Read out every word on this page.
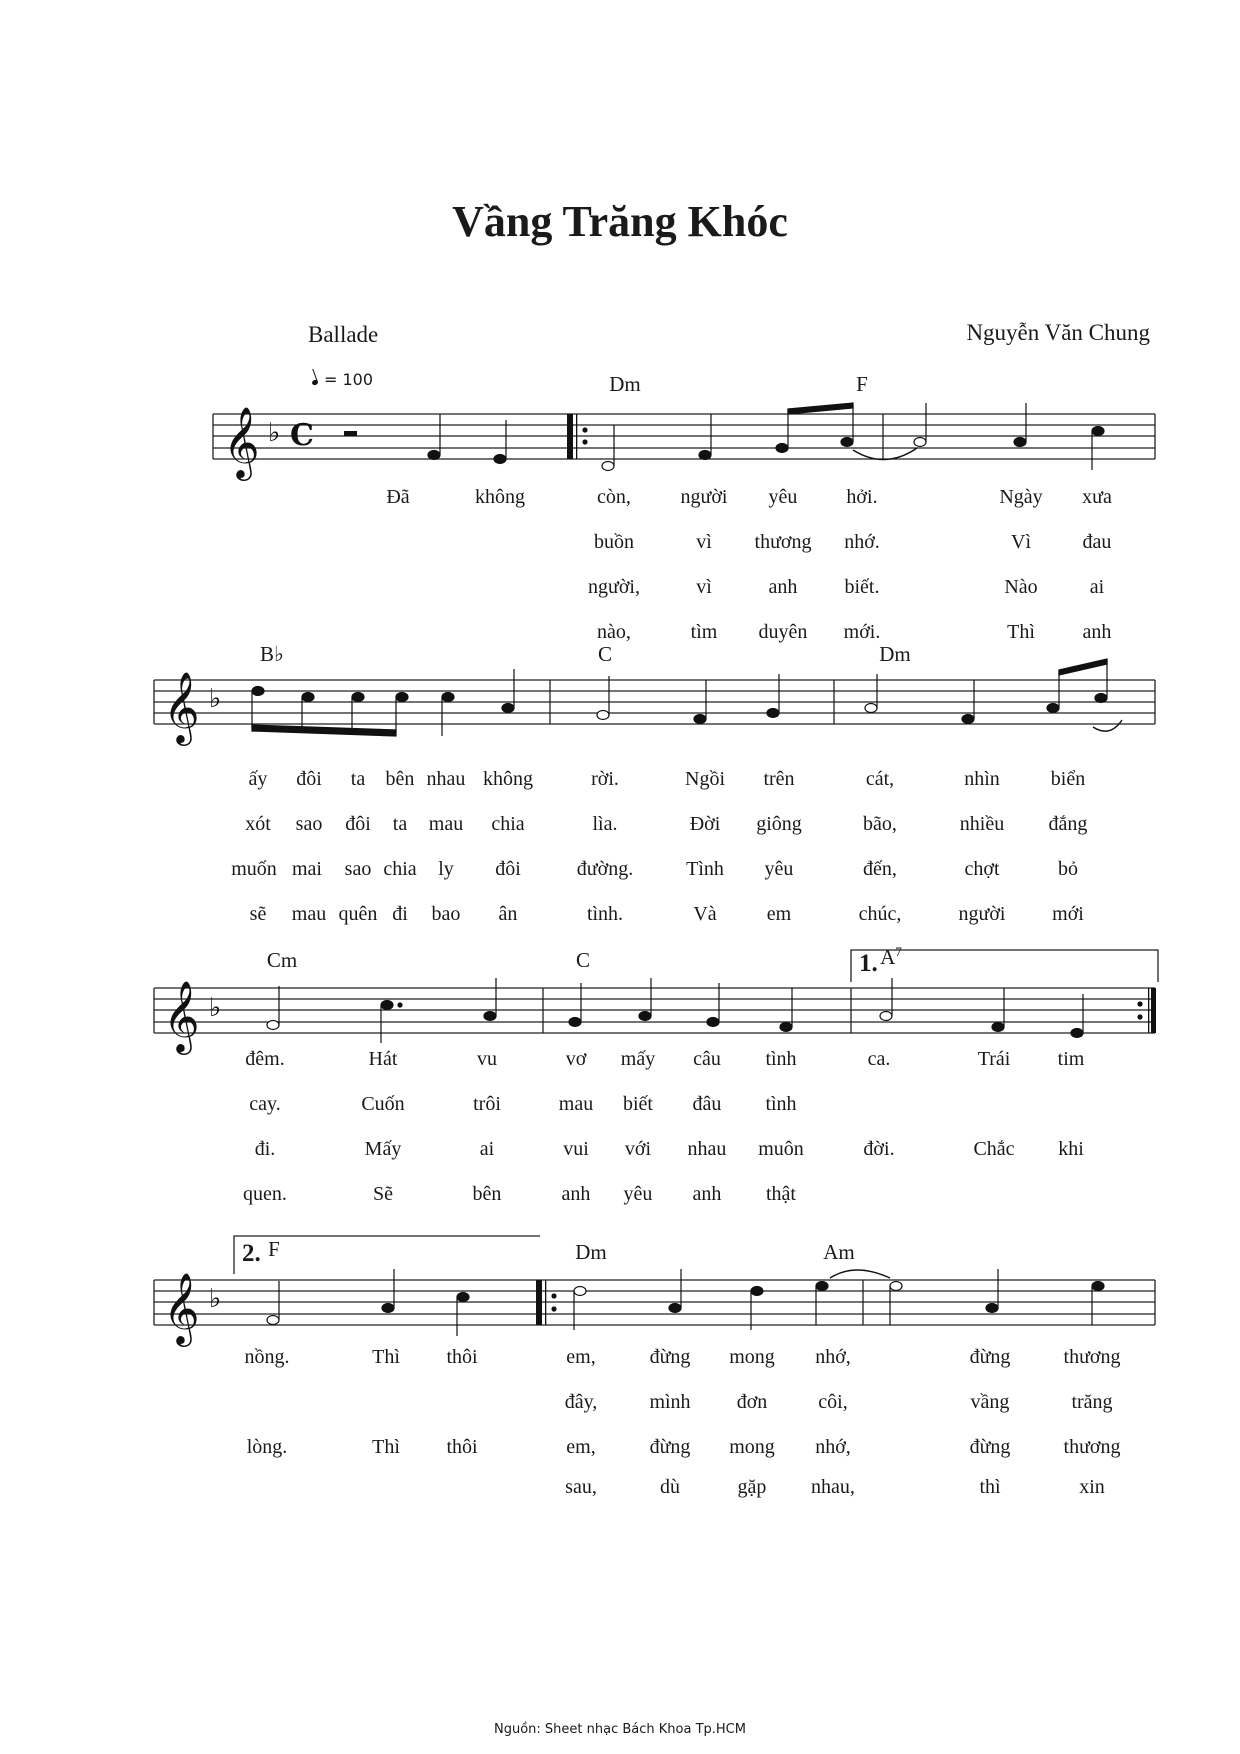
Vầng Trăng Khóc
Ballade	Nguyễn Văn Chung
= 100
𝄞
𝄞
𝄞
𝄞
♭
♭
♭
♭
C
Dm	F
Đã	không	còn, người yêu hởi.	Ngày xưa
buồn	vì thương nhớ.	Vì	đau
người,	vì	anh biết.	Nào	ai
nào,	tìm duyên mới.	Thì anh
B♭	C	Dm
ấy đôi ta bên nhau không	rời.	Ngồi trên	cát,	nhìn	biển
xót sao đôi ta mau chia	lìa.	Đời giông	bão,	nhiều đắng
muốn mai sao chia ly đôi	đường.	Tình yêu	đến,	chợt	bỏ
sẽ mau quên đi bao ân	tình.	Và	em	chúc,	người mới
Cm	C	1. $A^7$
đêm.	Hát	vu	vơ mấy câu tình	ca.	Trái tim
cay.	Cuốn	trôi	mau biết đâu tình
đi.	Mấy	ai	vui với nhau muôn	đời.	Chắc khi
quen.	Sẽ	bên	anh yêu anh thật
Dm	Am
2. F
nồng.	Thì thôi	em,	đừng mong nhớ,	đừng	thương
đây,	mình đơn	côi,	vầng	trăng
lòng.	Thì thôi	em,	đừng mong nhớ,	đừng	thương
sau,	dù	gặp nhau,	thì	xin
Nguồn: Sheet nhạc Bách Khoa Tp.HCM
